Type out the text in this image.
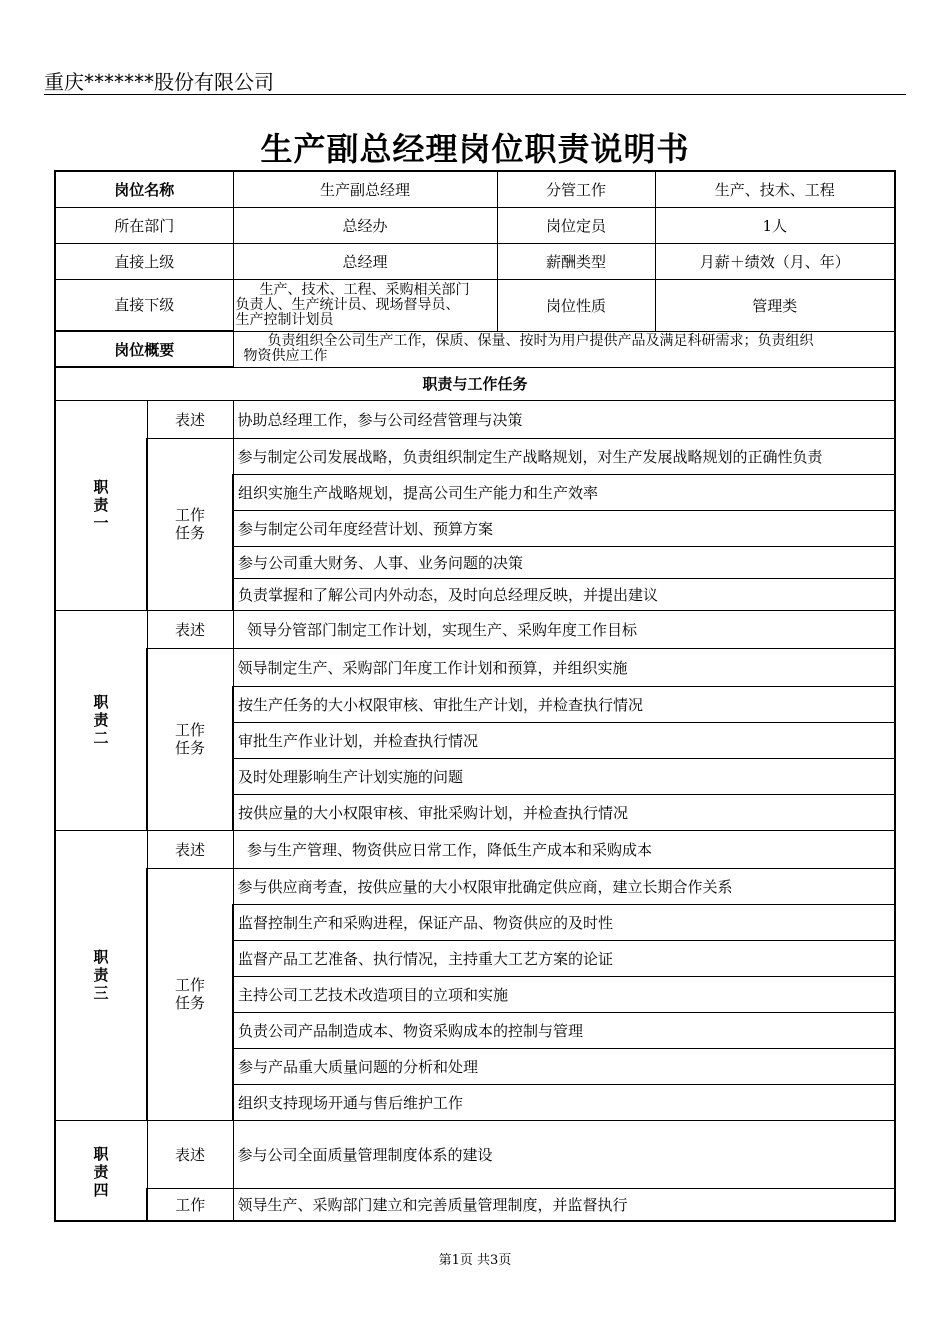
重庆*******股份有限公司
生产副总经理岗位职责说明书
岗位名称		生产副总经理	分管工作	生产、技术、工程
所在部门		总经办	岗位定员	1人
直接上级		总经理	薪酬类型	月薪＋绩效（月、年）
直接下级		生产、技术、工程、采购相关部门
负责人、生产统计员、现场督导员、
生产控制计划员	岗位性质	管理类
岗位概要		负责组织全公司生产工作，保质、保量、按时为用户提供产品及满足科研需求；负责组织
物资供应工作		

职责与工作任务				

职
责
一	表述	协助总经理工作，参与公司经营管理与决策		

	工作
任务	参与制定公司发展战略，负责组织制定生产战略规划，对生产发展战略规划的正确性负责		
		组织实施生产战略规划，提高公司生产能力和生产效率		
		参与制定公司年度经营计划、预算方案		
		参与公司重大财务、人事、业务问题的决策		
		负责掌握和了解公司内外动态，及时向总经理反映，并提出建议		

职
责
二	表述	领导分管部门制定工作计划，实现生产、采购年度工作目标		

	工作
任务	领导制定生产、采购部门年度工作计划和预算，并组织实施		
		按生产任务的大小权限审核、审批生产计划，并检查执行情况		
		审批生产作业计划，并检查执行情况		
		及时处理影响生产计划实施的问题		
		按供应量的大小权限审核、审批采购计划，并检查执行情况		

职
责
三	表述	参与生产管理、物资供应日常工作，降低生产成本和采购成本		

	工作
任务	参与供应商考查，按供应量的大小权限审批确定供应商，建立长期合作关系		
		监督控制生产和采购进程，保证产品、物资供应的及时性		
		监督产品工艺准备、执行情况，主持重大工艺方案的论证		
		主持公司工艺技术改造项目的立项和实施		
		负责公司产品制造成本、物资采购成本的控制与管理		
		参与产品重大质量问题的分析和处理		
		组织支持现场开通与售后维护工作		

职
责
四	表述	参与公司全面质量管理制度体系的建设		
	工作	领导生产、采购部门建立和完善质量管理制度，并监督执行		
第1页 共3页
